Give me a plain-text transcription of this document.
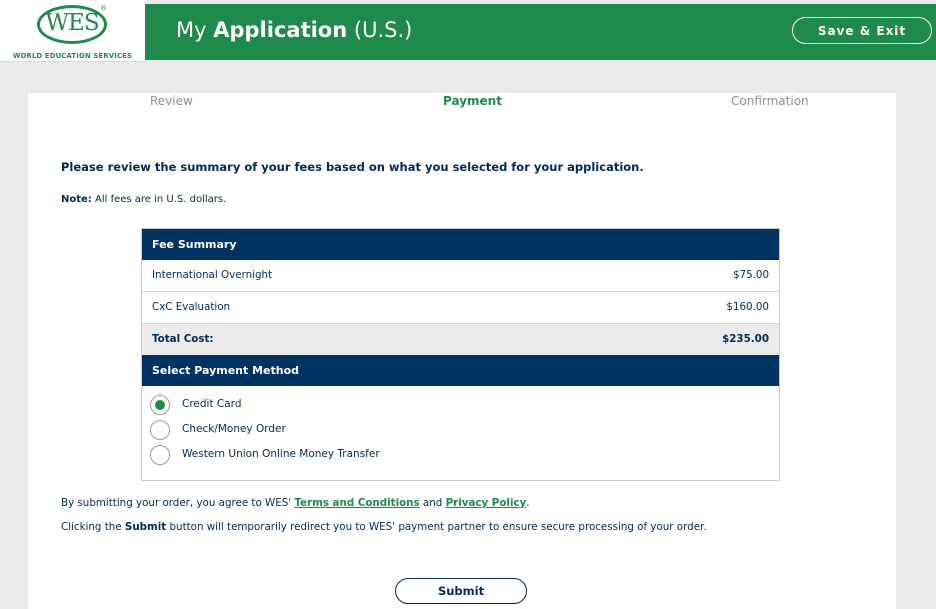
WES
®
WORLD EDUCATION SERVICES
My Application (U.S.)	Save & Exit
Review	Payment	Confirmation
Please review the summary of your fees based on what you selected for your application.
Note: All fees are in U.S. dollars.
Fee Summary
International Overnight	$75.00
CxC Evaluation	$160.00
Total Cost:	$235.00
Select Payment Method
Credit Card
Check/Money Order
Western Union Online Money Transfer
By submitting your order, you agree to WES' Terms and Conditions and Privacy Policy.
Clicking the Submit button will temporarily redirect you to WES' payment partner to ensure secure processing of your order.
Submit
